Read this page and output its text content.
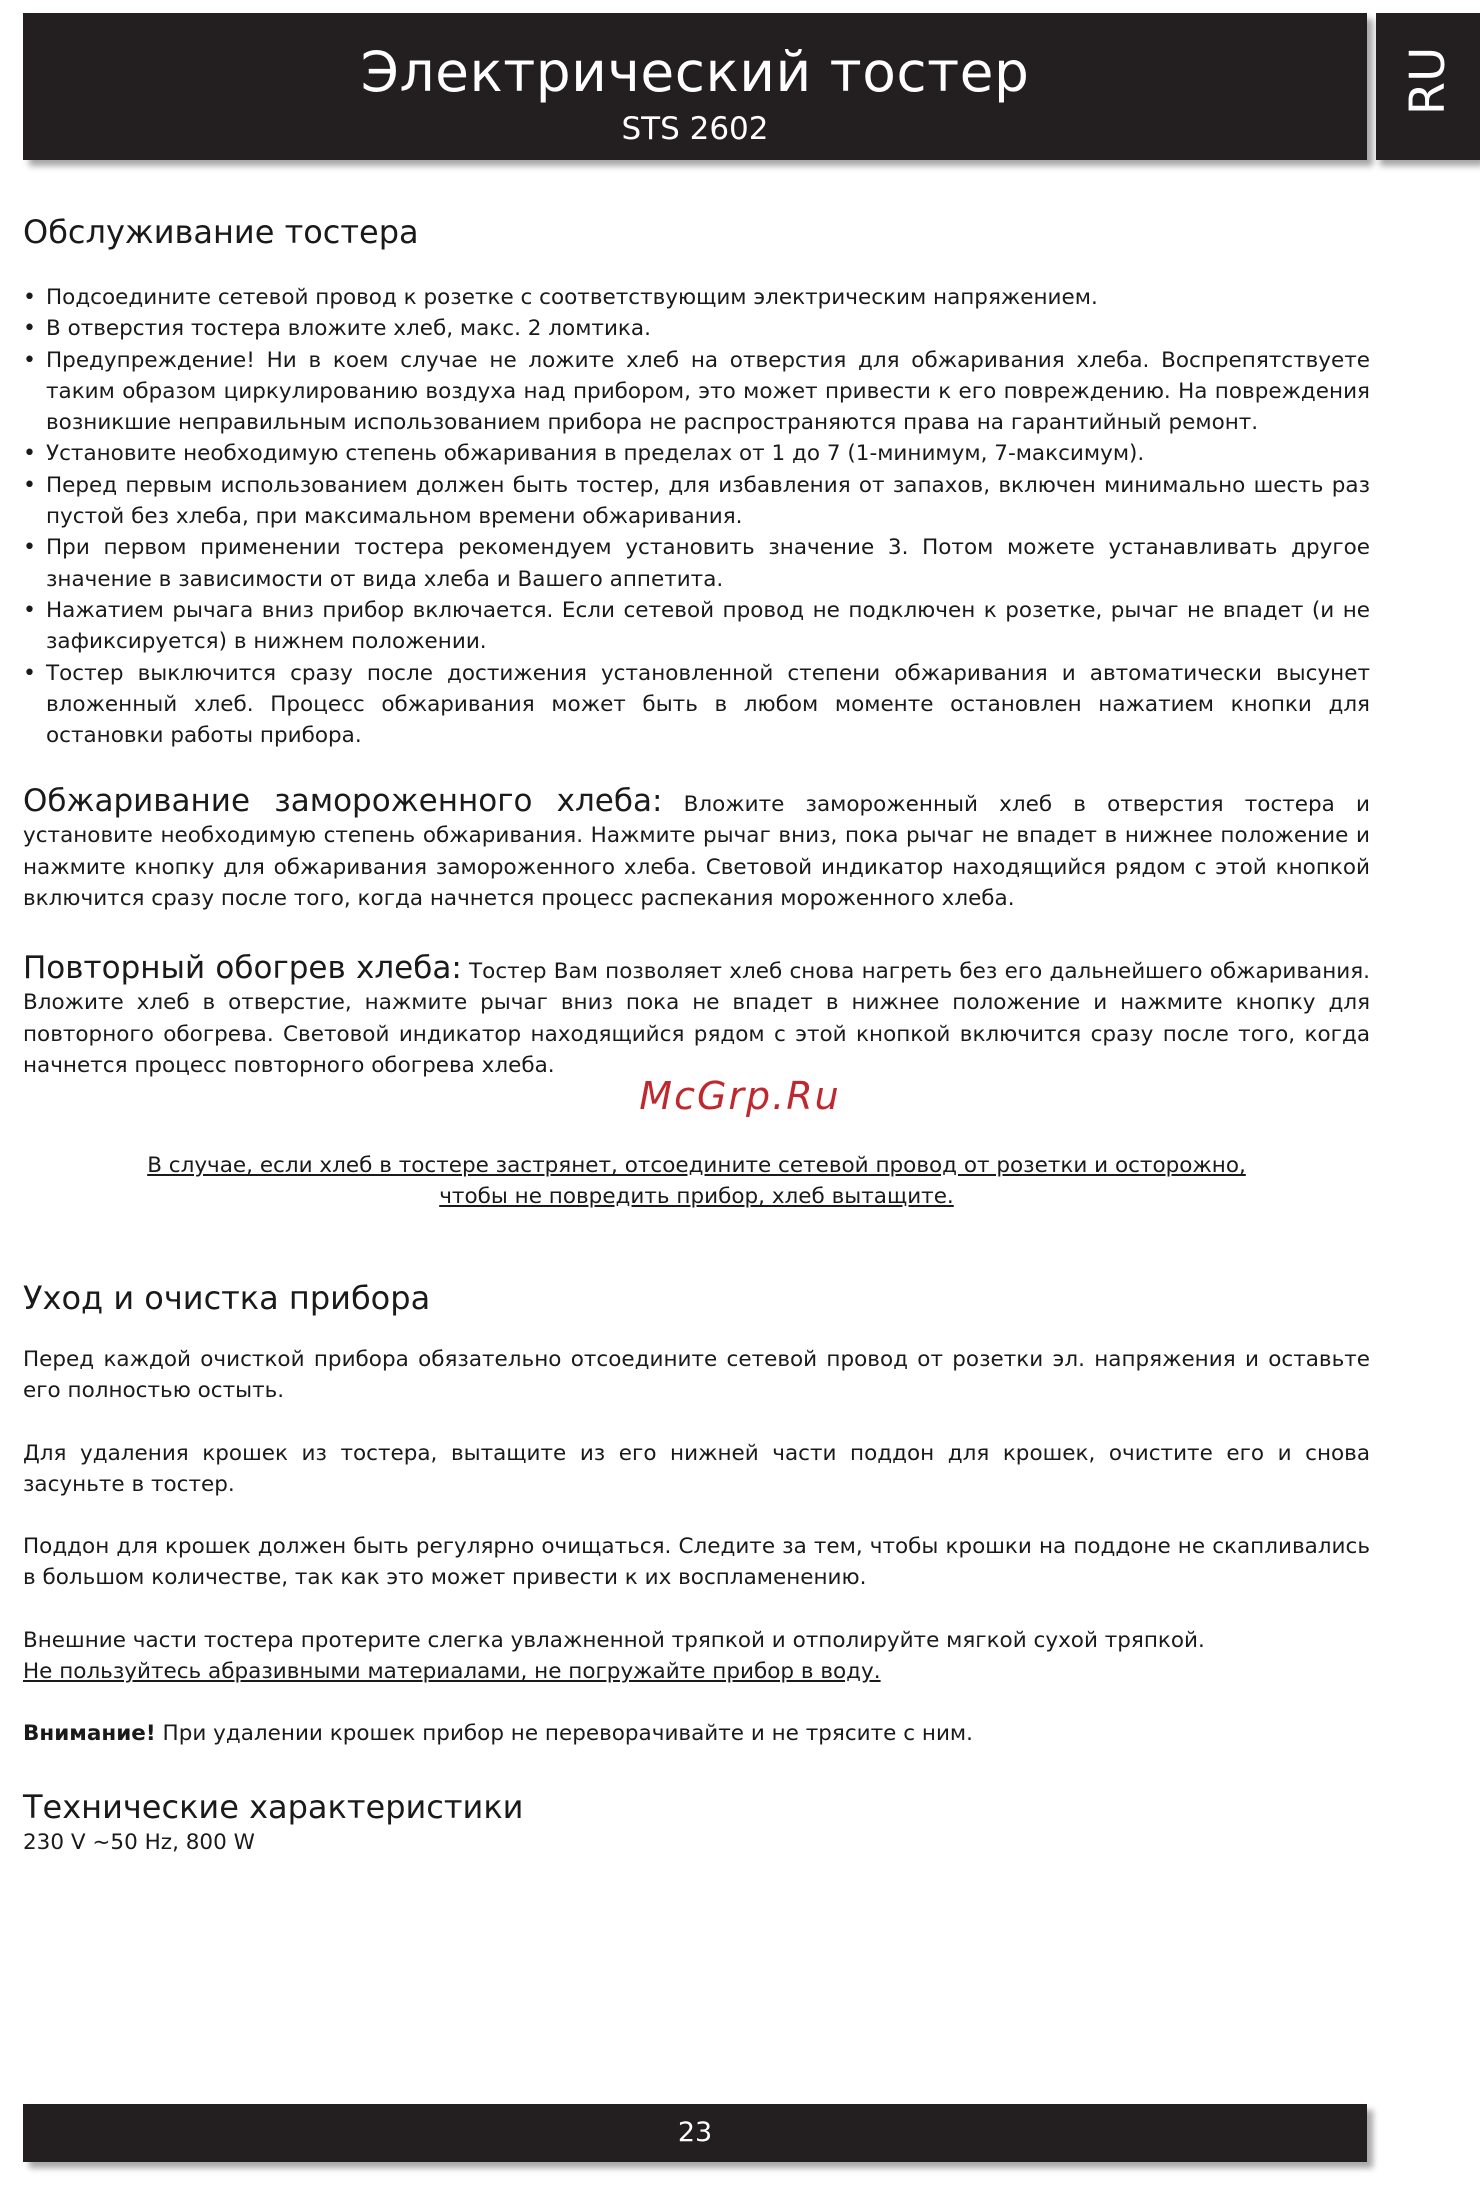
Электрический тостер
STS 2602
RU
Обслуживание тостера
• Подсоедините сетевой провод к розетке с соответствующим электрическим напряжением.
• В отверстия тостера вложите хлеб, макс. 2 ломтика.
• Предупреждение! Ни в коем случае не ложите хлеб на отверстия для обжаривания хлеба. Воспрепятствуете таким образом циркулированию воздуха над прибором, это может привести к его повреждению. На повреждения возникшие неправильным использованием прибора не распространяются права на гарантийный ремонт.
• Установите необходимую степень обжаривания в пределах от 1 до 7 (1-минимум, 7-максимум).
• Перед первым использованием должен быть тостер, для избавления от запахов, включен минимально шесть раз пустой без хлеба, при максимальном времени обжаривания.
• При первом применении тостера рекомендуем установить значение 3. Потом можете устанавливать другое значение в зависимости от вида хлеба и Вашего аппетита.
• Нажатием рычага вниз прибор включается. Если сетевой провод не подключен к розетке, рычаг не впадет (и не зафиксируется) в нижнем положении.
• Тостер выключится сразу после достижения установленной степени обжаривания и автоматически высунет вложенный хлеб. Процесс обжаривания может быть в любом моменте остановлен нажатием кнопки для остановки работы прибора.
Обжаривание замороженного хлеба: Вложите замороженный хлеб в отверстия тостера и установите необходимую степень обжаривания. Нажмите рычаг вниз, пока рычаг не впадет в нижнее положение и нажмите кнопку для обжаривания замороженного хлеба. Световой индикатор находящийся рядом с этой кнопкой включится сразу после того, когда начнется процесс распекания мороженного хлеба.
Повторный обогрев хлеба: Тостер Вам позволяет хлеб снова нагреть без его дальнейшего обжаривания. Вложите хлеб в отверстие, нажмите рычаг вниз пока не впадет в нижнее положение и нажмите кнопку для повторного обогрева. Световой индикатор находящийся рядом с этой кнопкой включится сразу после того, когда начнется процесс повторного обогрева хлеба.
McGrp.Ru
В случае, если хлеб в тостере застрянет, отсоедините сетевой провод от розетки и осторожно,
чтобы не повредить прибор, хлеб вытащите.
Уход и очистка прибора

Перед каждой очисткой прибора обязательно отсоедините сетевой провод от розетки эл. напряжения и оставьте его полностью остыть.

Для удаления крошек из тостера, вытащите из его нижней части поддон для крошек, очистите его и снова засуньте в тостер.

Поддон для крошек должен быть регулярно очищаться. Следите за тем, чтобы крошки на поддоне не скапливались в большом количестве, так как это может привести к их воспламенению.

Внешние части тостера протерите слегка увлажненной тряпкой и отполируйте мягкой сухой тряпкой.
Не пользуйтесь абразивными материалами, не погружайте прибор в воду.

Внимание! При удалении крошек прибор не переворачивайте и не трясите с ним.

Технические характеристики
230 V ~50 Hz, 800 W
23
